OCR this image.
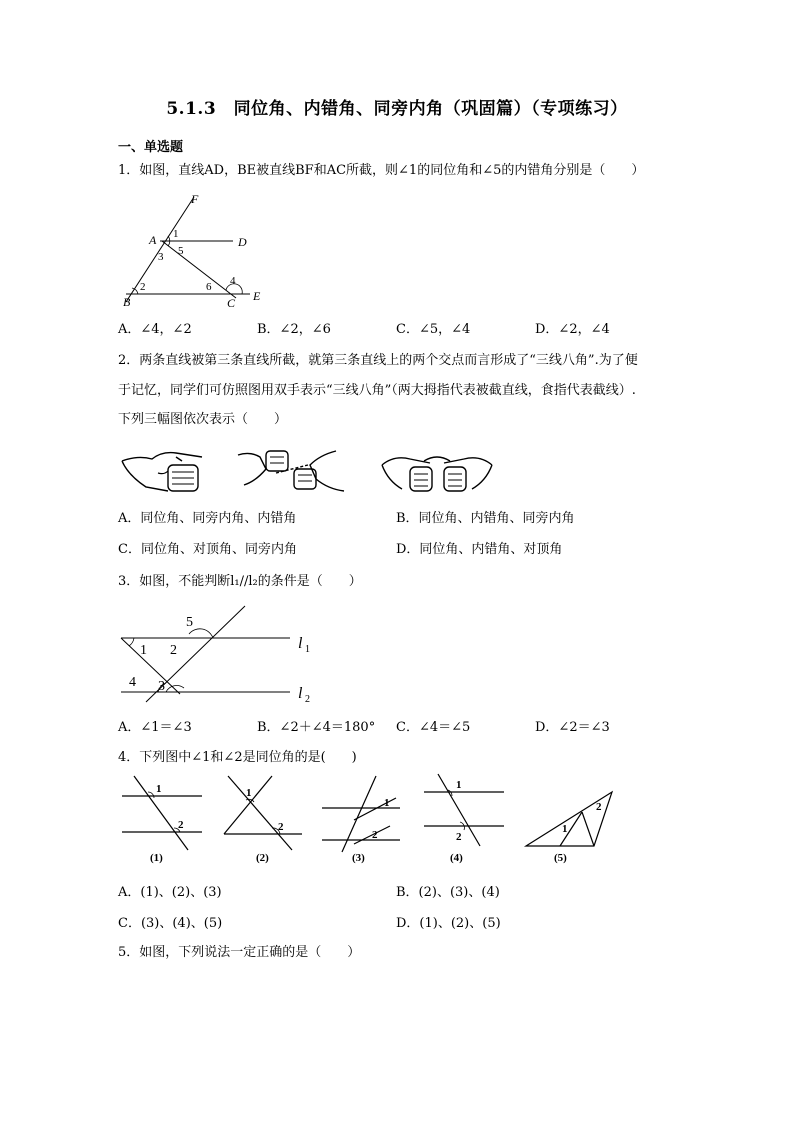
5.1.3　同位角、内错角、同旁内角（巩固篇）（专项练习）
一、单选题
1．如图，直线AD，BE被直线BF和AC所截，则∠1的同位角和∠5的内错角分别是（　　）
F
A	D
B	C E
1
5
3
2	6 4
A．∠4，∠2	B．∠2，∠6	C．∠5，∠4	D．∠2，∠4
2．两条直线被第三条直线所截，就第三条直线上的两个交点而言形成了“三线八角”.为了便
于记忆，同学们可仿照图用双手表示“三线八角”（两大拇指代表被截直线，食指代表截线）.
下列三幅图依次表示（　　）
A．同位角、同旁内角、内错角	B．同位角、内错角、同旁内角
C．同位角、对顶角、同旁内角	D．同位角、内错角、对顶角
3．如图，不能判断l₁//l₂的条件是（　　）
5
1 2
4 3
l 1
l 2
A．∠1＝∠3	B．∠2＋∠4＝180° C．∠4＝∠5	D．∠2＝∠3
4．下列图中∠1和∠2是同位角的是(　　)
1
2
(1)
1
2
(2)
1
2
(3)
1
2
(4)
1
2
(5)
A．(1)、(2)、(3)	B．(2)、(3)、(4)
C．(3)、(4)、(5)	D．(1)、(2)、(5)
5．如图，下列说法一定正确的是（　　）
